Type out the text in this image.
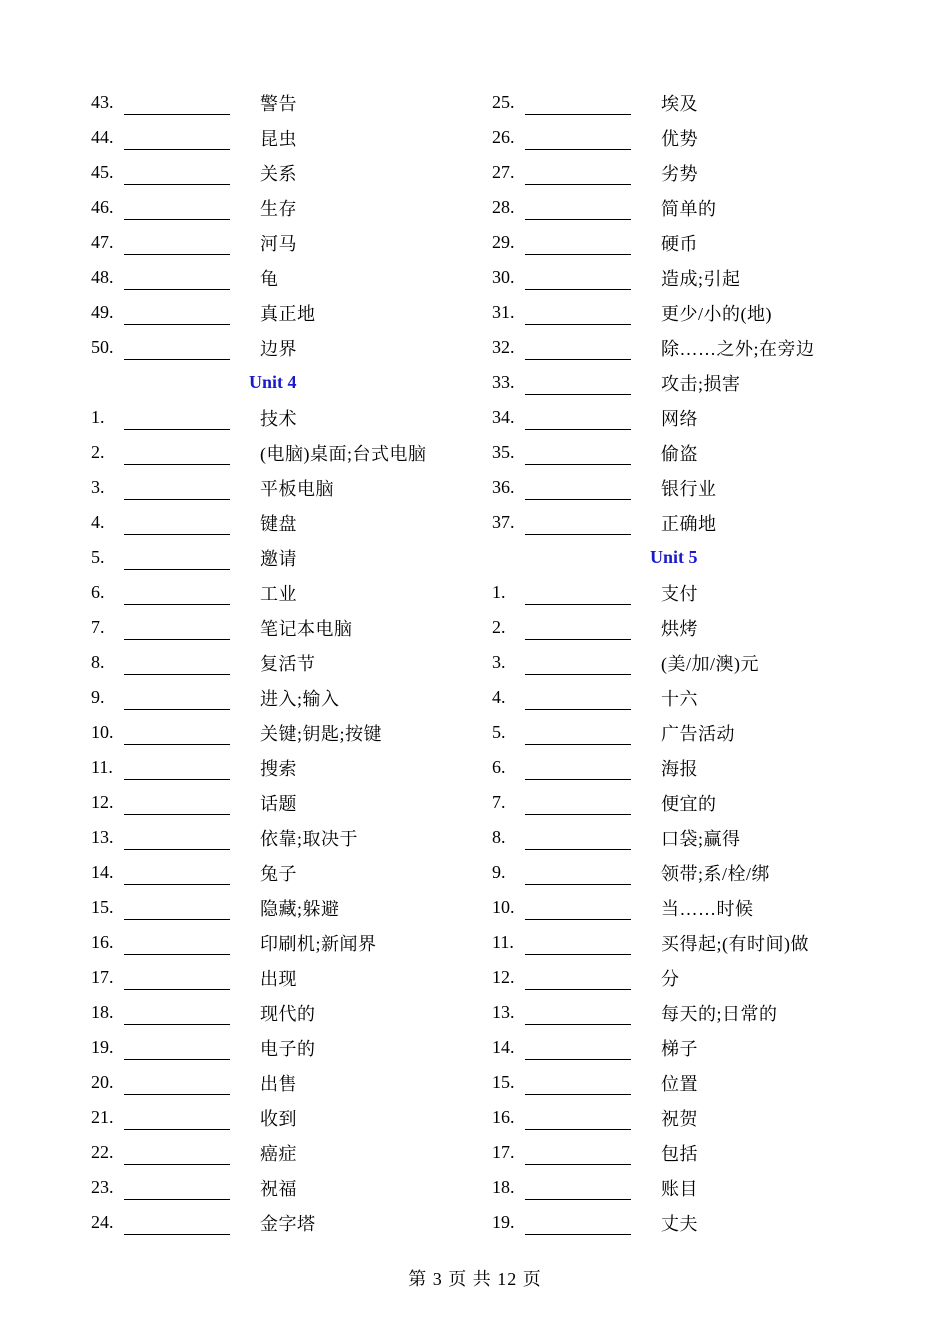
43.	警告
44.	昆虫
45.	关系
46.	生存
47.	河马
48.	龟
49.	真正地
50.	边界
Unit 4
1.	技术
2.	(电脑)桌面;台式电脑
3.	平板电脑
4.	键盘
5.	邀请
6.	工业
7.	笔记本电脑
8.	复活节
9.	进入;输入
10.	关键;钥匙;按键
11.	搜索
12.	话题
13.	依靠;取决于
14.	兔子
15.	隐藏;躲避
16.	印刷机;新闻界
17.	出现
18.	现代的
19.	电子的
20.	出售
21.	收到
22.	癌症
23.	祝福
24.	金字塔
25.	埃及
26.	优势
27.	劣势
28.	简单的
29.	硬币
30.	造成;引起
31.	更少/小的(地)
32.	除……之外;在旁边
33.	攻击;损害
34.	网络
35.	偷盗
36.	银行业
37.	正确地
Unit 5
1.	支付
2.	烘烤
3.	(美/加/澳)元
4.	十六
5.	广告活动
6.	海报
7.	便宜的
8.	口袋;赢得
9.	领带;系/栓/绑
10.	当……时候
11.	买得起;(有时间)做
12.	分
13.	每天的;日常的
14.	梯子
15.	位置
16.	祝贺
17.	包括
18.	账目
19.	丈夫
第 3 页 共 12 页
